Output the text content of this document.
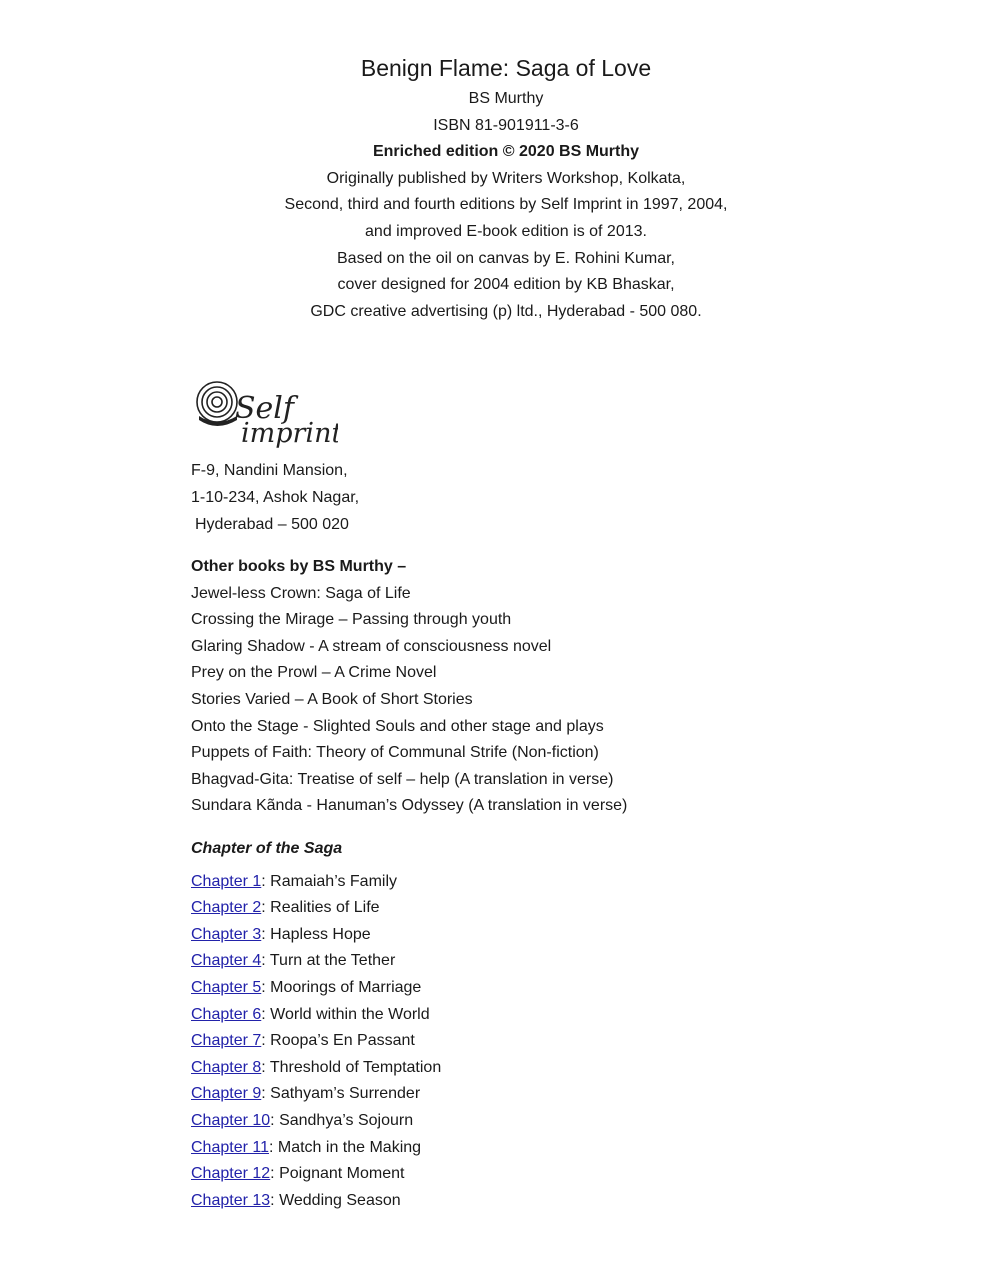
Benign Flame: Saga of Love
BS Murthy
ISBN 81-901911-3-6
Enriched edition © 2020 BS Murthy
Originally published by Writers Workshop, Kolkata,
Second, third and fourth editions by Self Imprint in 1997, 2004,
and improved E-book edition is of 2013.
Based on the oil on canvas by E. Rohini Kumar,
cover designed for 2004 edition by KB Bhaskar,
GDC creative advertising (p) ltd., Hyderabad - 500 080.
Self
imprint
F-9, Nandini Mansion,
1-10-234, Ashok Nagar,
Hyderabad – 500 020
Other books by BS Murthy –
Jewel-less Crown: Saga of Life
Crossing the Mirage – Passing through youth
Glaring Shadow - A stream of consciousness novel
Prey on the Prowl – A Crime Novel
Stories Varied – A Book of Short Stories
Onto the Stage - Slighted Souls and other stage and plays
Puppets of Faith: Theory of Communal Strife (Non-fiction)
Bhagvad-Gita: Treatise of self – help (A translation in verse)
Sundara Kãnda - Hanuman’s Odyssey (A translation in verse)
Chapter of the Saga
Chapter 1: Ramaiah’s Family
Chapter 2: Realities of Life
Chapter 3: Hapless Hope
Chapter 4: Turn at the Tether
Chapter 5: Moorings of Marriage
Chapter 6: World within the World
Chapter 7: Roopa’s En Passant
Chapter 8: Threshold of Temptation
Chapter 9: Sathyam’s Surrender
Chapter 10: Sandhya’s Sojourn
Chapter 11: Match in the Making
Chapter 12: Poignant Moment
Chapter 13: Wedding Season
